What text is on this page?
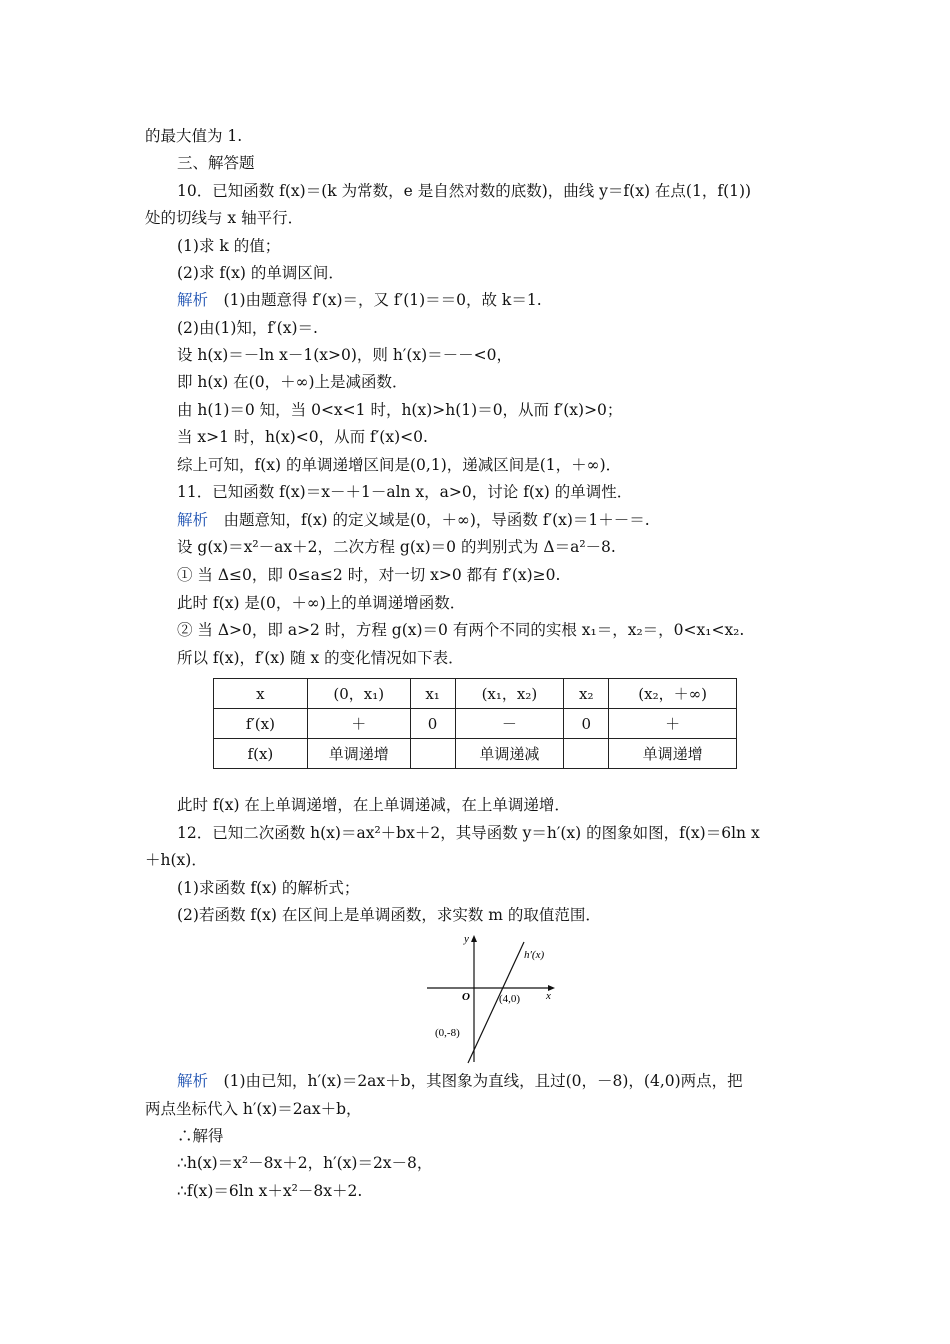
的最大值为 1.
三、解答题
10．已知函数 f(x)＝(k 为常数，e 是自然对数的底数)，曲线 y＝f(x) 在点(1，f(1))
处的切线与 x 轴平行．
(1)求 k 的值；
(2)求 f(x) 的单调区间．
解析　 (1)由题意得 f′(x)＝，又 f′(1)＝＝0，故 k＝1.
(2)由(1)知，f′(x)＝.
设 h(x)＝－ln x－1(x>0)，则 h′(x)＝－－<0，
即 h(x) 在(0，＋∞)上是减函数．
由 h(1)＝0 知，当 0<x<1 时，h(x)>h(1)＝0，从而 f′(x)>0；
当 x>1 时，h(x)<0，从而 f′(x)<0.
综上可知，f(x) 的单调递增区间是(0,1)，递减区间是(1，＋∞)．
11．已知函数 f(x)＝x－＋1－aln x，a>0，讨论 f(x) 的单调性．
解析　 由题意知，f(x) 的定义域是(0，＋∞)，导函数 f′(x)＝1＋－＝.
设 g(x)＝x²－ax＋2，二次方程 g(x)＝0 的判别式为 Δ＝a²－8.
① 当 Δ≤0，即 0≤a≤2 时，对一切 x>0 都有 f′(x)≥0.
此时 f(x) 是(0，＋∞)上的单调递增函数．
② 当 Δ>0，即 a>2 时，方程 g(x)＝0 有两个不同的实根 x₁＝，x₂＝，0<x₁<x₂.
所以 f(x)，f′(x) 随 x 的变化情况如下表．
x	(0，x₁)	x₁	(x₁，x₂)	x₂	(x₂，＋∞)
f′(x)	＋	0	－	0	＋
f(x)	单调递增		单调递减		单调递增
此时 f(x) 在上单调递增，在上单调递减，在上单调递增．
12．已知二次函数 h(x)＝ax²＋bx＋2，其导函数 y＝h′(x) 的图象如图，f(x)＝6ln x
＋h(x)．
(1)求函数 f(x) 的解析式；
(2)若函数 f(x) 在区间上是单调函数，求实数 m 的取值范围．
y
x
O
h′(x)
(4,0)
(0,-8)
解析　 (1)由已知，h′(x)＝2ax＋b，其图象为直线，且过(0，－8)，(4,0)两点，把
两点坐标代入 h′(x)＝2ax＋b，
∴解得
∴h(x)＝x²－8x＋2，h′(x)＝2x－8，
∴f(x)＝6ln x＋x²－8x＋2.
